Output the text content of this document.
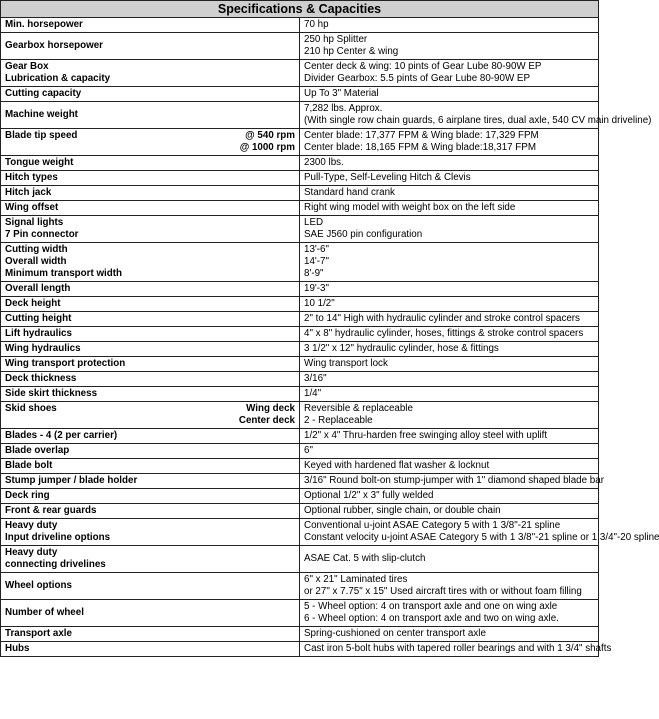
Specifications & Capacities	

Min. horsepower	70 hp

Gearbox horsepower	250 hp Splitter
210 hp Center & wing

Gear Box
Lubrication & capacity	Center deck & wing: 10 pints of Gear Lube 80-90W EP
Divider Gearbox: 5.5 pints of Gear Lube 80-90W EP

Cutting capacity	Up To 3" Material

Machine weight	7,282 lbs. Approx.
(With single row chain guards, 6 airplane tires, dual axle, 540 CV main driveline)

Blade tip speed @ 540 rpm
@ 1000 rpm	Center blade: 17,377 FPM & Wing blade: 17,329 FPM
Center blade: 18,165 FPM & Wing blade:18,317 FPM

Tongue weight	2300 lbs.

Hitch types	Pull-Type, Self-Leveling Hitch & Clevis

Hitch jack	Standard hand crank

Wing offset	Right wing model with weight box on the left side

Signal lights
7 Pin connector	LED
SAE J560 pin configuration

Cutting width
Overall width
Minimum transport width	13'-6"
14'-7"
8'-9"

Overall length	19'-3"

Deck height	10 1/2"

Cutting height	2" to 14" High with hydraulic cylinder and stroke control spacers

Lift hydraulics	4" x 8" hydraulic cylinder, hoses, fittings & stroke control spacers

Wing hydraulics	3 1/2" x 12" hydraulic cylinder, hose & fittings

Wing transport protection	Wing transport lock

Deck thickness	3/16"

Side skirt thickness	1/4"

Skid shoes Wing deck
Center deck	Reversible & replaceable
2 - Replaceable

Blades - 4 (2 per carrier)	1/2" x 4" Thru-harden free swinging alloy steel with uplift

Blade overlap	6"

Blade bolt	Keyed with hardened flat washer & locknut

Stump jumper / blade holder	3/16" Round bolt-on stump-jumper with 1" diamond shaped blade bar

Deck ring	Optional 1/2" x 3" fully welded

Front & rear guards	Optional rubber, single chain, or double chain

Heavy duty
Input driveline options	Conventional u-joint ASAE Category 5 with 1 3/8"-21 spline
Constant velocity u-joint ASAE Category 5 with 1 3/8"-21 spline or 1 3/4"-20 spline

Heavy duty
connecting drivelines	ASAE Cat. 5 with slip-clutch

Wheel options	6" x 21" Laminated tires
or 27" x 7.75" x 15" Used aircraft tires with or without foam filling

Number of wheel	5 - Wheel option: 4 on transport axle and one on wing axle
6 - Wheel option: 4 on transport axle and two on wing axle.

Transport axle	Spring-cushioned on center transport axle

Hubs	Cast iron 5-bolt hubs with tapered roller bearings and with 1 3/4" shafts
